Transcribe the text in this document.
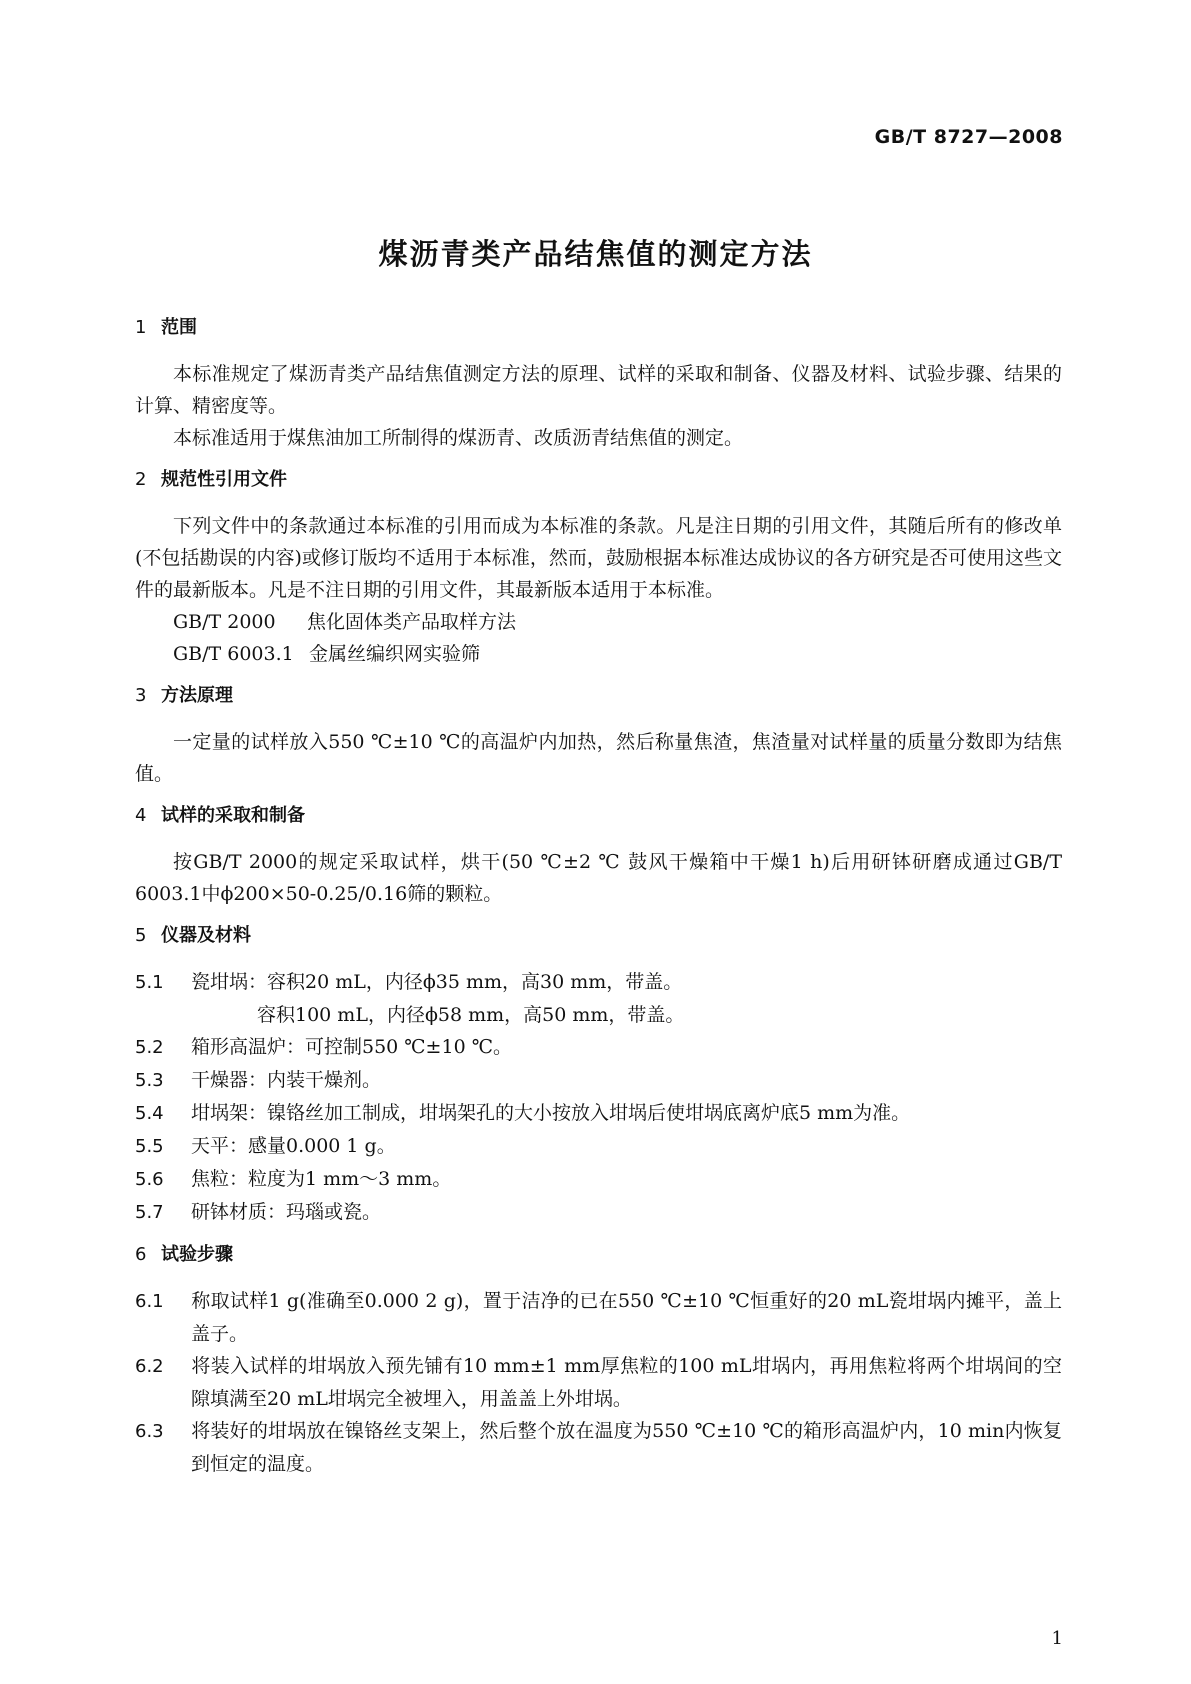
GB/T 8727—2008
煤沥青类产品结焦值的测定方法
1 范围

本标准规定了煤沥青类产品结焦值测定方法的原理、试样的采取和制备、仪器及材料、试验步骤、结果的计算、精密度等。

本标准适用于煤焦油加工所制得的煤沥青、改质沥青结焦值的测定。

2 规范性引用文件

下列文件中的条款通过本标准的引用而成为本标准的条款。凡是注日期的引用文件，其随后所有的修改单(不包括勘误的内容)或修订版均不适用于本标准，然而，鼓励根据本标准达成协议的各方研究是否可使用这些文件的最新版本。凡是不注日期的引用文件，其最新版本适用于本标准。

GB/T 2000 焦化固体类产品取样方法

GB/T 6003.1 金属丝编织网实验筛

3 方法原理

一定量的试样放入550 ℃±10 ℃的高温炉内加热，然后称量焦渣，焦渣量对试样量的质量分数即为结焦值。

4 试样的采取和制备

按GB/T 2000的规定采取试样，烘干(50 ℃±2 ℃ 鼓风干燥箱中干燥1 h)后用研钵研磨成通过GB/T 6003.1中ϕ200×50-0.25/0.16筛的颗粒。

5 仪器及材料

5.1 瓷坩埚：容积20 mL，内径ϕ35 mm，高30 mm，带盖。

容积100 mL，内径ϕ58 mm，高50 mm，带盖。

5.2 箱形高温炉：可控制550 ℃±10 ℃。

5.3 干燥器：内装干燥剂。

5.4 坩埚架：镍铬丝加工制成，坩埚架孔的大小按放入坩埚后使坩埚底离炉底5 mm为准。

5.5 天平：感量0.000 1 g。

5.6 焦粒：粒度为1 mm～3 mm。

5.7 研钵材质：玛瑙或瓷。

6 试验步骤

6.1 称取试样1 g(准确至0.000 2 g)，置于洁净的已在550 ℃±10 ℃恒重好的20 mL瓷坩埚内摊平，盖上盖子。

6.2 将装入试样的坩埚放入预先铺有10 mm±1 mm厚焦粒的100 mL坩埚内，再用焦粒将两个坩埚间的空隙填满至20 mL坩埚完全被埋入，用盖盖上外坩埚。

6.3 将装好的坩埚放在镍铬丝支架上，然后整个放在温度为550 ℃±10 ℃的箱形高温炉内，10 min内恢复到恒定的温度。

1
